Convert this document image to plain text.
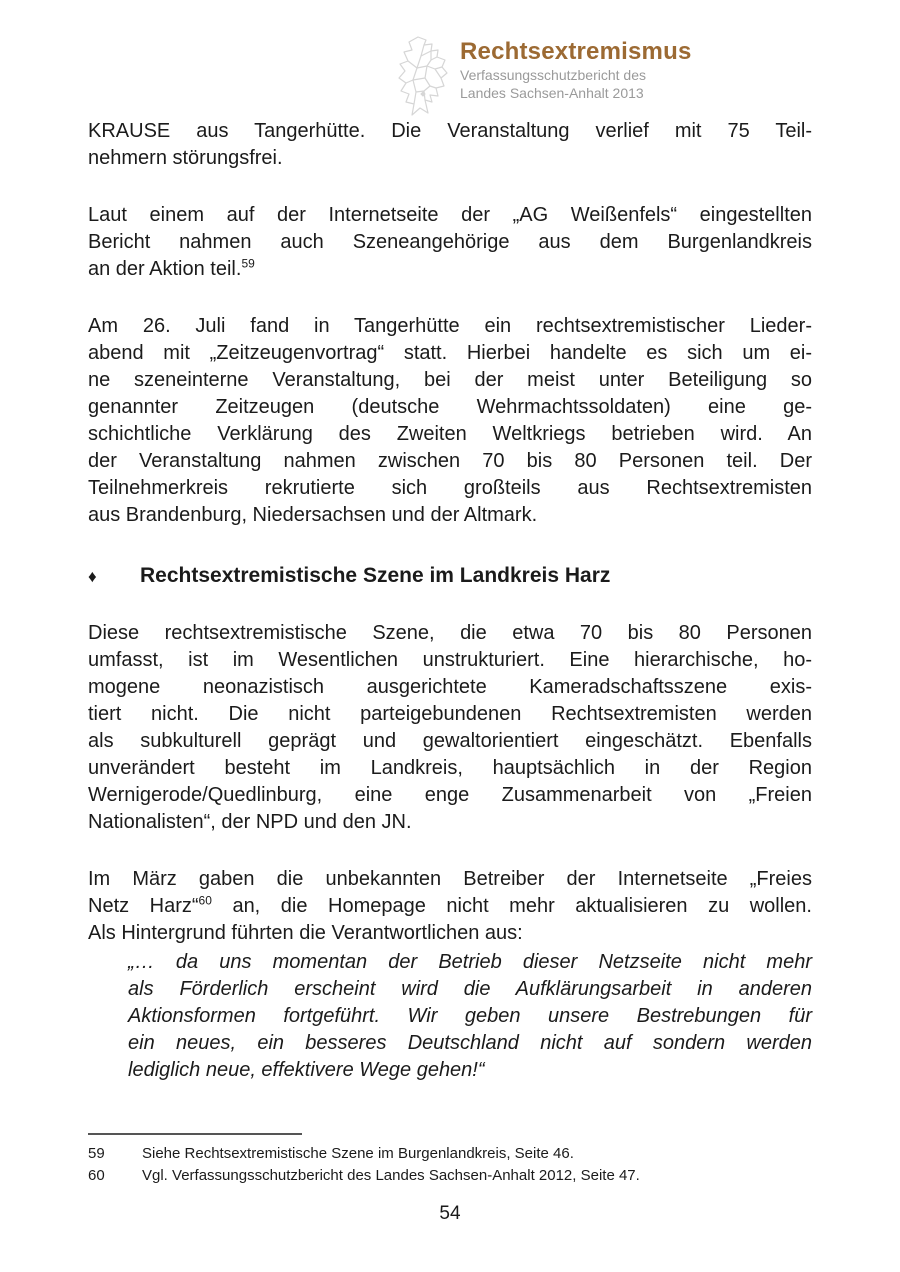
Rechtsextremismus
Verfassungsschutzbericht des
Landes Sachsen-Anhalt 2013
KRAUSE aus Tangerhütte. Die Veranstaltung verlief mit 75 Teil-
nehmern störungsfrei.
Laut einem auf der Internetseite der „AG Weißenfels“ eingestellten
Bericht nahmen auch Szeneangehörige aus dem Burgenlandkreis
an der Aktion teil.$^{59}$
Am 26. Juli fand in Tangerhütte ein rechtsextremistischer Lieder-
abend mit „Zeitzeugenvortrag“ statt. Hierbei handelte es sich um ei-
ne szeneinterne Veranstaltung, bei der meist unter Beteiligung so
genannter Zeitzeugen (deutsche Wehrmachtssoldaten) eine ge-
schichtliche Verklärung des Zweiten Weltkriegs betrieben wird. An
der Veranstaltung nahmen zwischen 70 bis 80 Personen teil. Der
Teilnehmerkreis rekrutierte sich großteils aus Rechtsextremisten
aus Brandenburg, Niedersachsen und der Altmark.
♦	Rechtsextremistische Szene im Landkreis Harz
Diese rechtsextremistische Szene, die etwa 70 bis 80 Personen
umfasst, ist im Wesentlichen unstrukturiert. Eine hierarchische, ho-
mogene neonazistisch ausgerichtete Kameradschaftsszene exis-
tiert nicht. Die nicht parteigebundenen Rechtsextremisten werden
als subkulturell geprägt und gewaltorientiert eingeschätzt. Ebenfalls
unverändert besteht im Landkreis, hauptsächlich in der Region
Wernigerode/Quedlinburg, eine enge Zusammenarbeit von „Freien
Nationalisten“, der NPD und den JN.
Im März gaben die unbekannten Betreiber der Internetseite „Freies
Netz Harz“$^{60}$ an, die Homepage nicht mehr aktualisieren zu wollen.
Als Hintergrund führten die Verantwortlichen aus:
„… da uns momentan der Betrieb dieser Netzseite nicht mehr
als Förderlich erscheint wird die Aufklärungsarbeit in anderen
Aktionsformen fortgeführt. Wir geben unsere Bestrebungen für
ein neues, ein besseres Deutschland nicht auf sondern werden
lediglich neue, effektivere Wege gehen!“
59	Siehe Rechtsextremistische Szene im Burgenlandkreis, Seite 46.
60	Vgl. Verfassungsschutzbericht des Landes Sachsen-Anhalt 2012, Seite 47.
54
